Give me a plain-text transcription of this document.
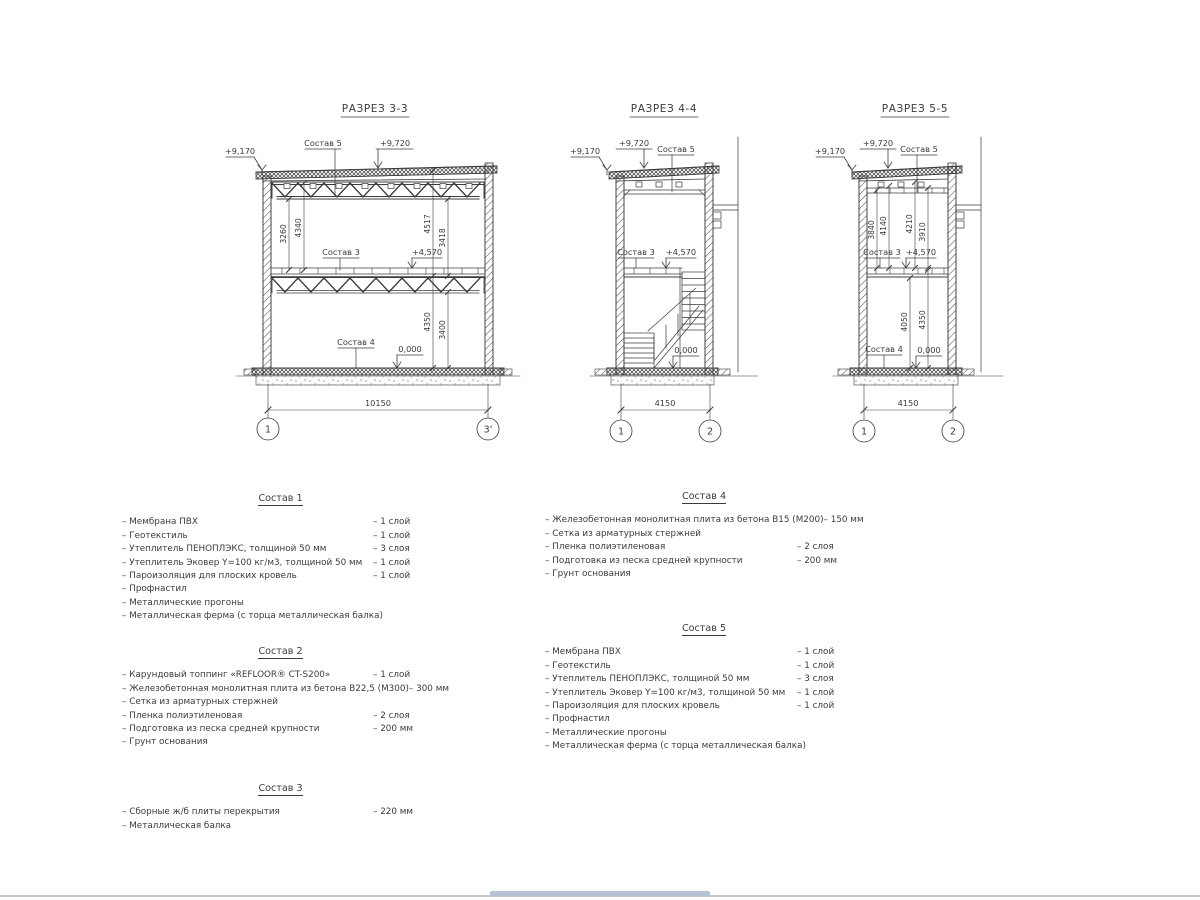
РАЗРЕЗ 3-3
+9,170
+9,720
+4,570
0,000
Состав 5
Состав 3
Состав 4
3260 4340	4517
3418
4350 3400
10150
1	3'
РАЗРЕЗ 4-4
+9,170
+9,720
+4,570
0,000
Состав 5
Состав 3
4150
1	2
РАЗРЕЗ 5-5
+9,170
+9,720
+4,570
0,000
Состав 5
Состав 3
Состав 4
3840 4140 4210 3910
4050 4350
4150
1	2
Состав 1
– Мембрана ПВХ	– 1 слой
– Геотекстиль	– 1 слой
– Утеплитель ПЕНОПЛЭКС, толщиной 50 мм	– 3 слоя
– Утеплитель Эковер Y=100 кг/м3, толщиной 50 мм	– 1 слой
– Пароизоляция для плоских кровель	– 1 слой
– Профнастил
– Металлические прогоны
– Металлическая ферма (с торца металлическая балка)
Состав 2
– Карундовый топпинг «REFLOOR® CT-S200»	– 1 слой
– Железобетонная монолитная плита из бетона В22,5 (М300) – 300 мм
– Сетка из арматурных стержней
– Пленка полиэтиленовая	– 2 слоя
– Подготовка из песка средней крупности	– 200 мм
– Грунт основания
Состав 3
– Сборные ж/б плиты перекрытия	– 220 мм
– Металлическая балка
Состав 4
– Железобетонная монолитная плита из бетона В15 (М200) – 150 мм
– Сетка из арматурных стержней
– Пленка полиэтиленовая	– 2 слоя
– Подготовка из песка средней крупности	– 200 мм
– Грунт основания
Состав 5
– Мембрана ПВХ	– 1 слой
– Геотекстиль	– 1 слой
– Утеплитель ПЕНОПЛЭКС, толщиной 50 мм	– 3 слоя
– Утеплитель Эковер Y=100 кг/м3, толщиной 50 мм	– 1 слой
– Пароизоляция для плоских кровель	– 1 слой
– Профнастил
– Металлические прогоны
– Металлическая ферма (с торца металлическая балка)
